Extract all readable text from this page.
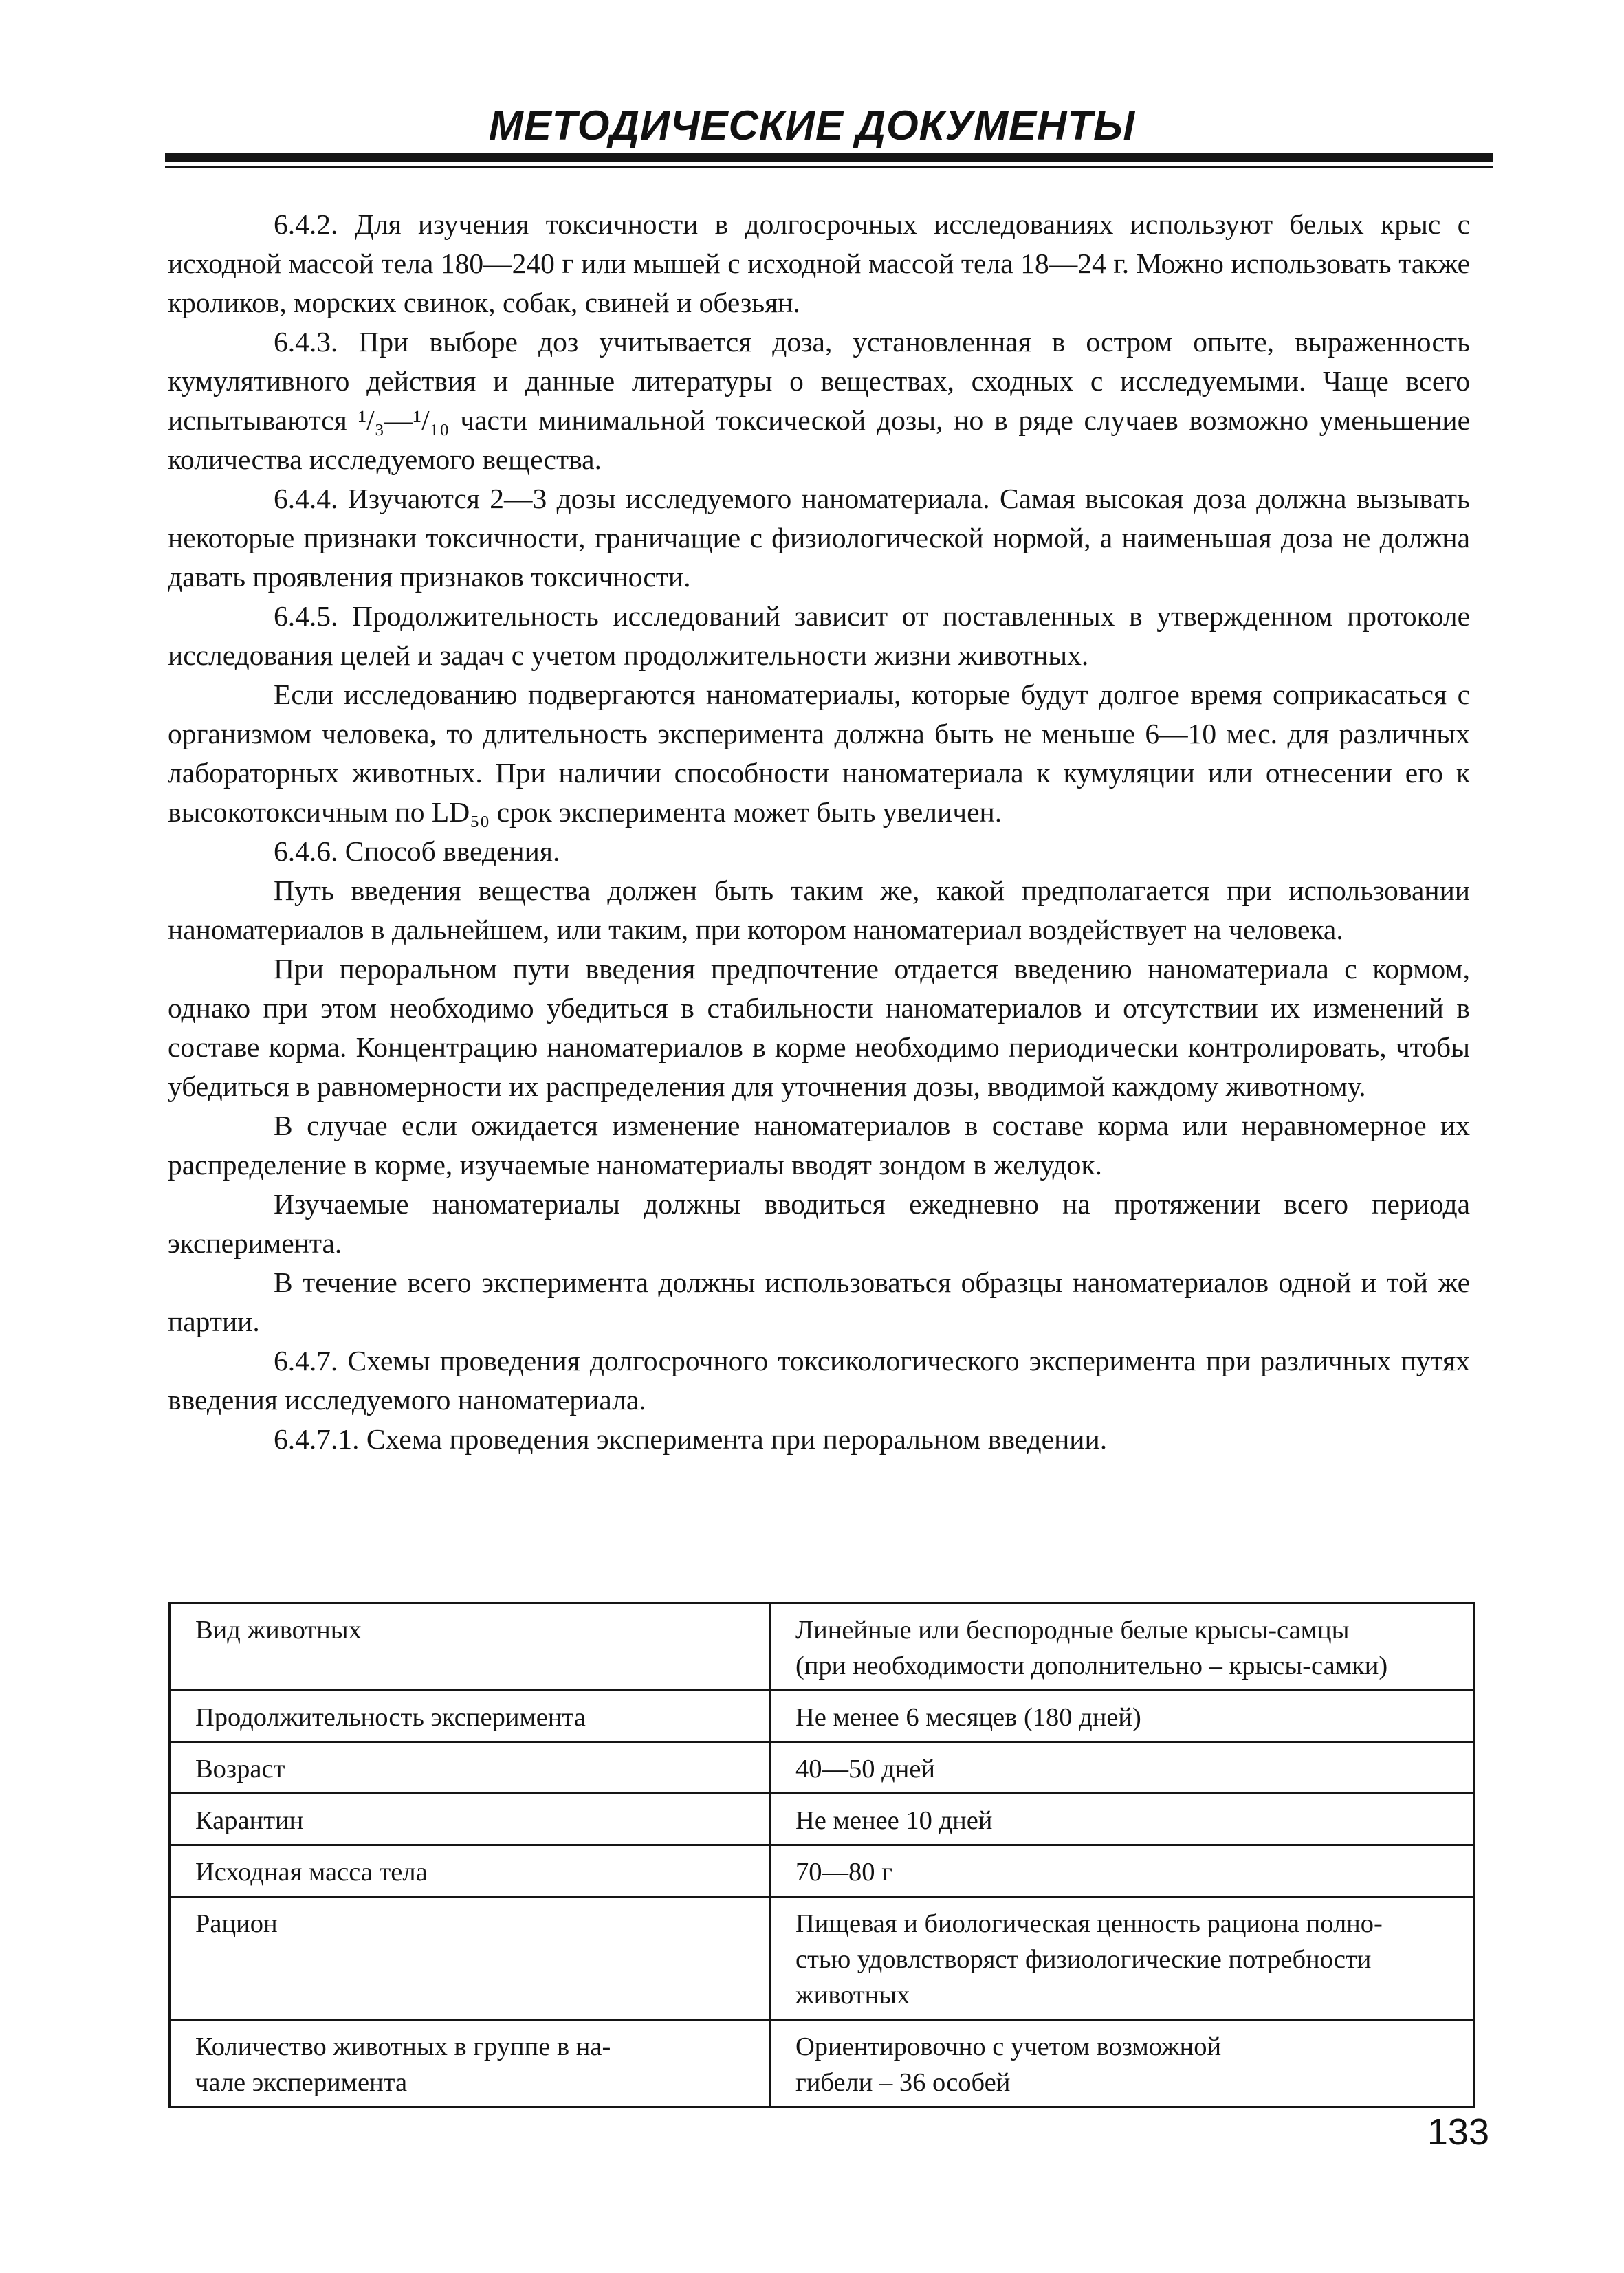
МЕТОДИЧЕСКИЕ ДОКУМЕНТЫ

6.4.2. Для изучения токсичности в долгосрочных исследованиях используют белых крыс с исходной массой тела 180—240 г или мышей с исходной массой тела 18—24 г. Можно использовать также кроликов, морских свинок, собак, свиней и обезьян.

6.4.3. При выборе доз учитывается доза, установленная в остром опыте, выраженность кумулятивного действия и данные литературы о веществах, сходных с исследуемыми. Чаще всего испытываются ¹/₃—¹/₁₀ части минимальной токсической дозы, но в ряде случаев возможно уменьшение количества исследуемого вещества.

6.4.4. Изучаются 2—3 дозы исследуемого наноматериала. Самая высокая доза должна вызывать некоторые признаки токсичности, граничащие с физиологической нормой, а наименьшая доза не должна давать проявления признаков токсичности.

6.4.5. Продолжительность исследований зависит от поставленных в утвержденном протоколе исследования целей и задач с учетом продолжительности жизни животных.

Если исследованию подвергаются наноматериалы, которые будут долгое время соприкасаться с организмом человека, то длительность эксперимента должна быть не меньше 6—10 мес. для различных лабораторных животных. При наличии способности наноматериала к кумуляции или отнесении его к высокотоксичным по LD₅₀ срок эксперимента может быть увеличен.

6.4.6. Способ введения.

Путь введения вещества должен быть таким же, какой предполагается при использовании наноматериалов в дальнейшем, или таким, при котором наноматериал воздействует на человека.

При пероральном пути введения предпочтение отдается введению наноматериала с кормом, однако при этом необходимо убедиться в стабильности наноматериалов и отсутствии их изменений в составе корма. Концентрацию наноматериалов в корме необходимо периодически контролировать, чтобы убедиться в равномерности их распределения для уточнения дозы, вводимой каждому животному.

В случае если ожидается изменение наноматериалов в составе корма или неравномерное их распределение в корме, изучаемые наноматериалы вводят зондом в желудок.

Изучаемые наноматериалы должны вводиться ежедневно на протяжении всего периода эксперимента.

В течение всего эксперимента должны использоваться образцы наноматериалов одной и той же партии.

6.4.7. Схемы проведения долгосрочного токсикологического эксперимента при различных путях введения исследуемого наноматериала.

6.4.7.1. Схема проведения эксперимента при пероральном введении.

Вид животных	Линейные или беспородные белые крысы-самцы
(при необходимости дополнительно – крысы-самки)

Продолжительность эксперимента	Не менее 6 месяцев (180 дней)

Возраст	40—50 дней

Карантин	Не менее 10 дней

Исходная масса тела	70—80 г

Рацион	Пищевая и биологическая ценность рациона полно-
стью удовлствоpяст физиологические потребности
животных

Количество животных в группе в на-
чале эксперимента	Ориентировочно с учетом возможной
гибели – 36 особей
133
